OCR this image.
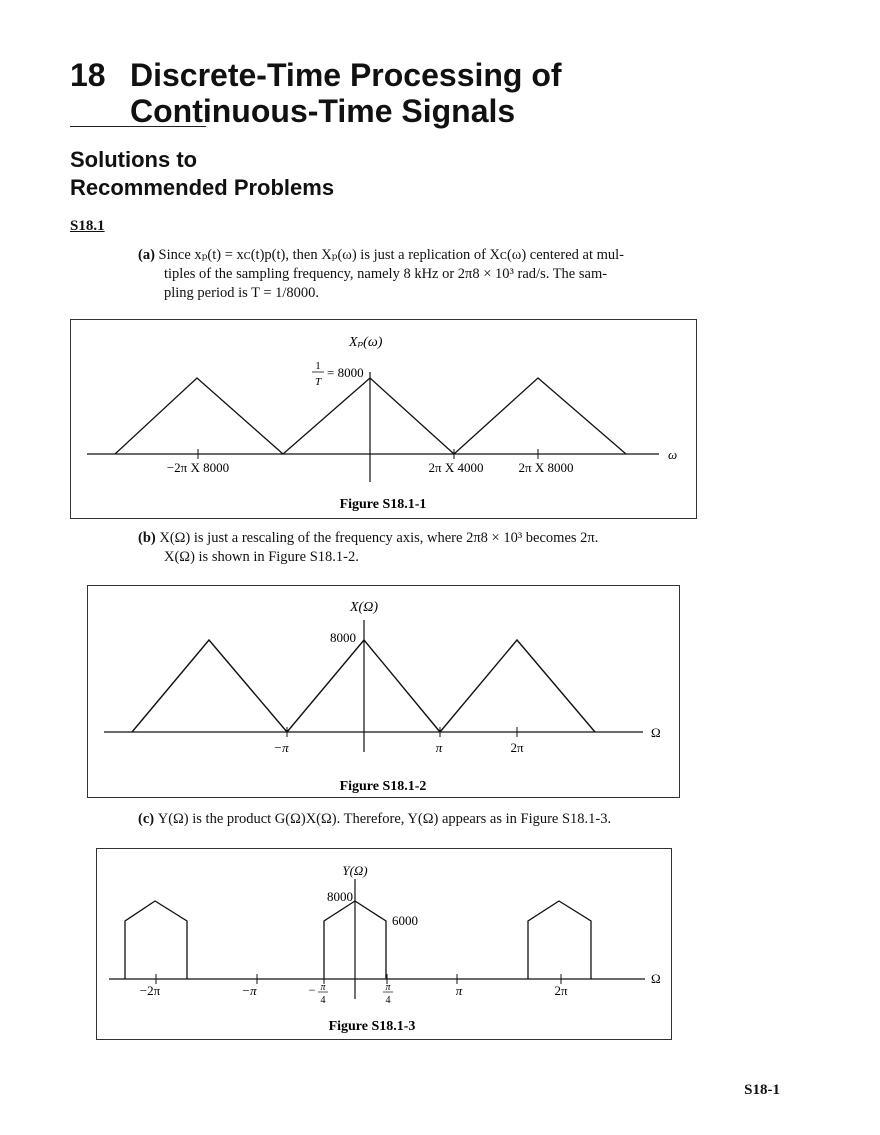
18 Discrete-Time Processing of
Continuous-Time Signals
Solutions to
Recommended Problems
S18.1
(a) Since xₚ(t) = xᴄ(t)p(t), then Xₚ(ω) is just a replication of Xᴄ(ω) centered at mul-
tiples of the sampling frequency, namely 8 kHz or 2π8 × 10³ rad/s. The sam-
pling period is T = 1/8000.
Xₚ(ω)
1
T
= 8000
ω
−2π X 8000	2π X 4000	2π X 8000
Figure S18.1-1
(b) X(Ω) is just a rescaling of the frequency axis, where 2π8 × 10³ becomes 2π.
X(Ω) is shown in Figure S18.1-2.
X(Ω)
8000
Ω
−π	π	2π
Figure S18.1-2
(c) Y(Ω) is the product G(Ω)X(Ω). Therefore, Y(Ω) appears as in Figure S18.1-3.
Y(Ω)
8000
6000
Ω
−2π	−π	− π
4
π
4
π	2π
Figure S18.1-3
S18-1
